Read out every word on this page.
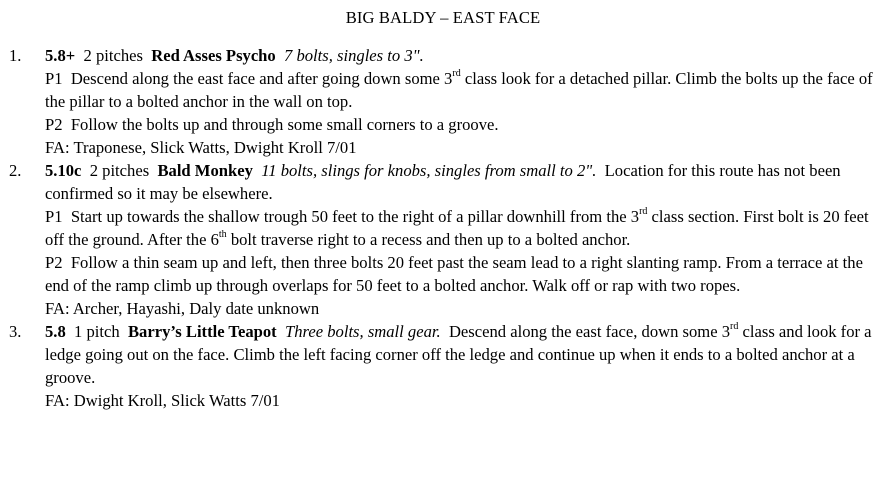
BIG BALDY – EAST FACE
1. 5.8+ 2 pitches Red Asses Psycho 7 bolts, singles to 3".
P1 Descend along the east face and after going down some 3rd class look for a detached pillar. Climb the bolts up the face of the pillar to a bolted anchor in the wall on top.
P2 Follow the bolts up and through some small corners to a groove.
FA: Traponese, Slick Watts, Dwight Kroll 7/01
2. 5.10c 2 pitches Bald Monkey 11 bolts, slings for knobs, singles from small to 2". Location for this route has not been confirmed so it may be elsewhere.
P1 Start up towards the shallow trough 50 feet to the right of a pillar downhill from the 3rd class section. First bolt is 20 feet off the ground. After the 6th bolt traverse right to a recess and then up to a bolted anchor.
P2 Follow a thin seam up and left, then three bolts 20 feet past the seam lead to a right slanting ramp. From a terrace at the end of the ramp climb up through overlaps for 50 feet to a bolted anchor. Walk off or rap with two ropes.
FA: Archer, Hayashi, Daly date unknown
3. 5.8 1 pitch Barry’s Little Teapot Three bolts, small gear. Descend along the east face, down some 3rd class and look for a ledge going out on the face. Climb the left facing corner off the ledge and continue up when it ends to a bolted anchor at a groove.
FA: Dwight Kroll, Slick Watts 7/01
